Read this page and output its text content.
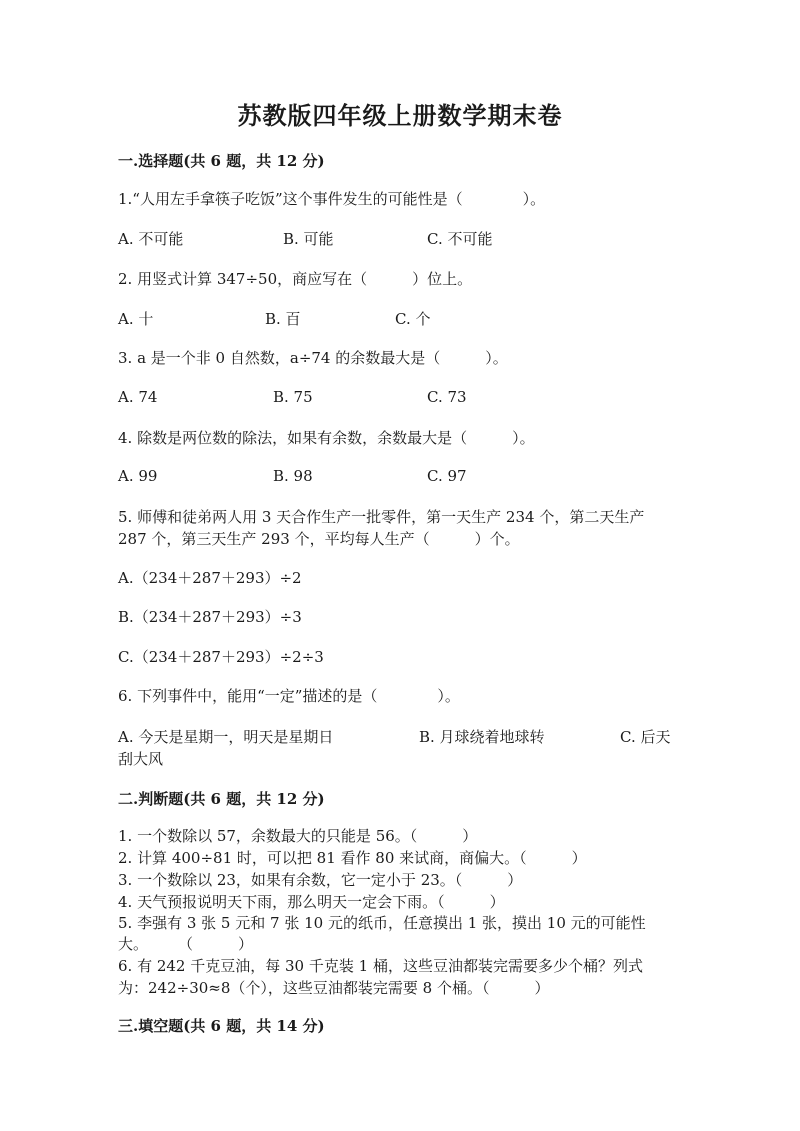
苏教版四年级上册数学期末卷
一.选择题(共 6 题，共 12 分)
1.“人用左手拿筷子吃饭”这个事件发生的可能性是（　　　　）。
A. 不可能	B. 可能	C. 不可能
2. 用竖式计算 347÷50，商应写在（　　　）位上。
A. 十	B. 百	C. 个
3. a 是一个非 0 自然数，a÷74 的余数最大是（　　　）。
A. 74	B. 75	C. 73
4. 除数是两位数的除法，如果有余数，余数最大是（　　　）。
A. 99	B. 98	C. 97
5. 师傅和徒弟两人用 3 天合作生产一批零件，第一天生产 234 个，第二天生产
287 个，第三天生产 293 个，平均每人生产（　　　）个。
A.（234＋287＋293）÷2
B.（234＋287＋293）÷3
C.（234＋287＋293）÷2÷3
6. 下列事件中，能用“一定”描述的是（　　　　）。
A. 今天是星期一，明天是星期日	B. 月球绕着地球转	C. 后天
刮大风
二.判断题(共 6 题，共 12 分)
1. 一个数除以 57，余数最大的只能是 56。（　　　）
2. 计算 400÷81 时，可以把 81 看作 80 来试商，商偏大。（　　　）
3. 一个数除以 23，如果有余数，它一定小于 23。（　　　）
4. 天气预报说明天下雨，那么明天一定会下雨。（　　　）
5. 李强有 3 张 5 元和 7 张 10 元的纸币，任意摸出 1 张，摸出 10 元的可能性
大。　　　（　　　）
6. 有 242 千克豆油，每 30 千克装 1 桶，这些豆油都装完需要多少个桶？列式
为：242÷30≈8（个），这些豆油都装完需要 8 个桶。（　　　）
三.填空题(共 6 题，共 14 分)
